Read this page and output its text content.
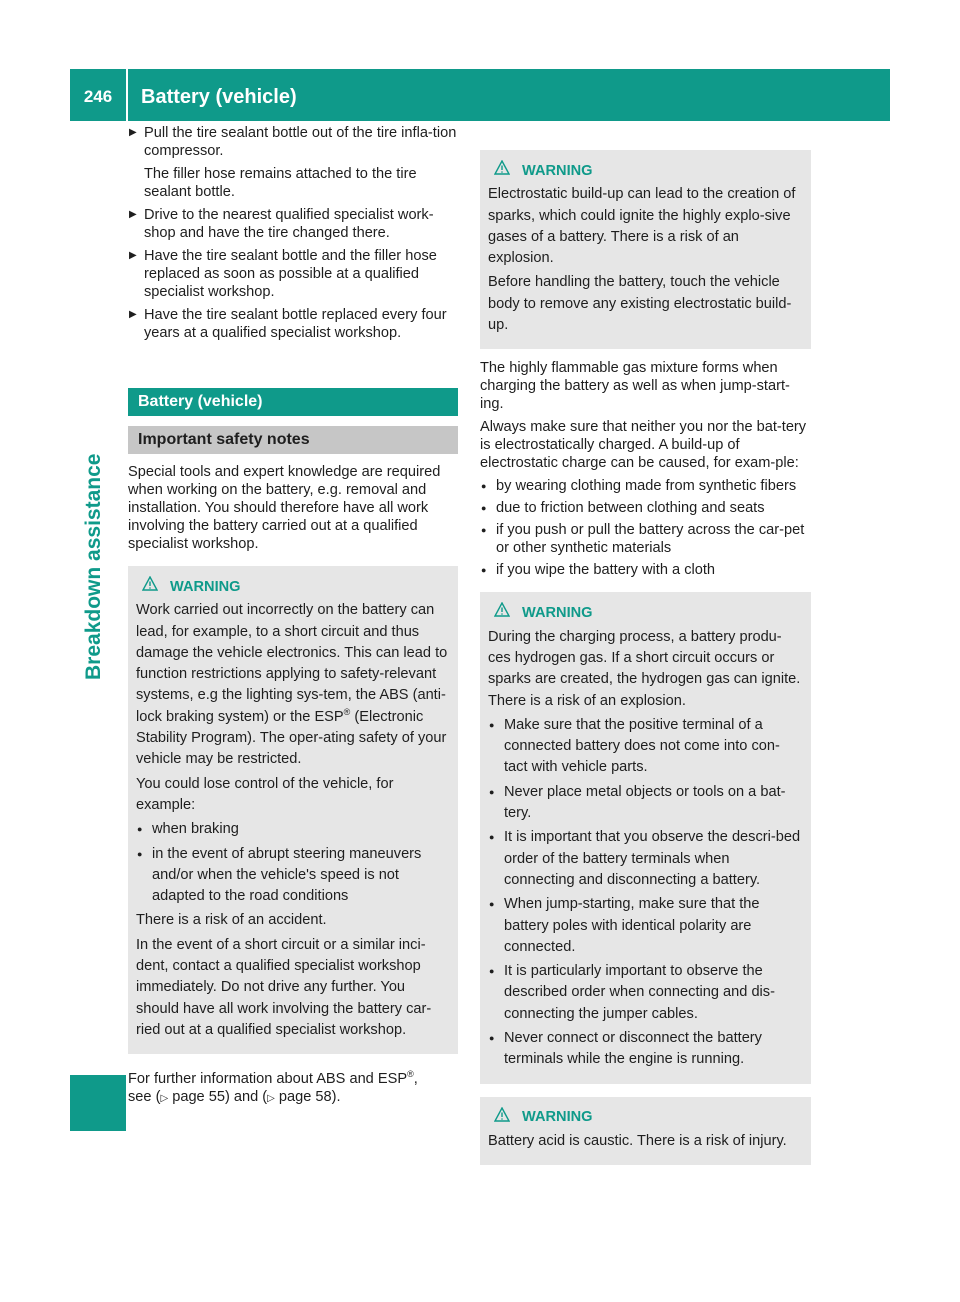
246	Battery (vehicle)
Breakdown assistance
▶ Pull the tire sealant bottle out of the tire infla-tion compressor.
The filler hose remains attached to the tire sealant bottle.
▶ Drive to the nearest qualified specialist work-shop and have the tire changed there.
▶ Have the tire sealant bottle and the filler hose replaced as soon as possible at a qualified specialist workshop.
▶ Have the tire sealant bottle replaced every four years at a qualified specialist workshop.
Battery (vehicle)
Important safety notes

Special tools and expert knowledge are required when working on the battery, e.g. removal and installation. You should therefore have all work involving the battery carried out at a qualified specialist workshop.

WARNING

Work carried out incorrectly on the battery can lead, for example, to a short circuit and thus damage the vehicle electronics. This can lead to function restrictions applying to safety-relevant systems, e.g the lighting sys-tem, the ABS (anti-lock braking system) or the ESP® (Electronic Stability Program). The oper-ating safety of your vehicle may be restricted.

You could lose control of the vehicle, for example:

● when braking
● in the event of abrupt steering maneuvers and/or when the vehicle's speed is not adapted to the road conditions

There is a risk of an accident.

In the event of a short circuit or a similar inci-dent, contact a qualified specialist workshop immediately. Do not drive any further. You should have all work involving the battery car-ried out at a qualified specialist workshop.

For further information about ABS and ESP®,
see (▷ page 55) and (▷ page 58).

WARNING

Electrostatic build-up can lead to the creation of sparks, which could ignite the highly explo-sive gases of a battery. There is a risk of an explosion.

Before handling the battery, touch the vehicle body to remove any existing electrostatic build-up.

The highly flammable gas mixture forms when charging the battery as well as when jump-start-ing.

Always make sure that neither you nor the bat-tery is electrostatically charged. A build-up of electrostatic charge can be caused, for exam-ple:

● by wearing clothing made from synthetic fibers
● due to friction between clothing and seats
● if you push or pull the battery across the car-pet or other synthetic materials
● if you wipe the battery with a cloth
WARNING

During the charging process, a battery produ-ces hydrogen gas. If a short circuit occurs or sparks are created, the hydrogen gas can ignite. There is a risk of an explosion.

● Make sure that the positive terminal of a connected battery does not come into con-tact with vehicle parts.
● Never place metal objects or tools on a bat-tery.
● It is important that you observe the descri-bed order of the battery terminals when connecting and disconnecting a battery.
● When jump-starting, make sure that the battery poles with identical polarity are connected.
● It is particularly important to observe the described order when connecting and dis-connecting the jumper cables.
● Never connect or disconnect the battery terminals while the engine is running.
WARNING

Battery acid is caustic. There is a risk of injury.
